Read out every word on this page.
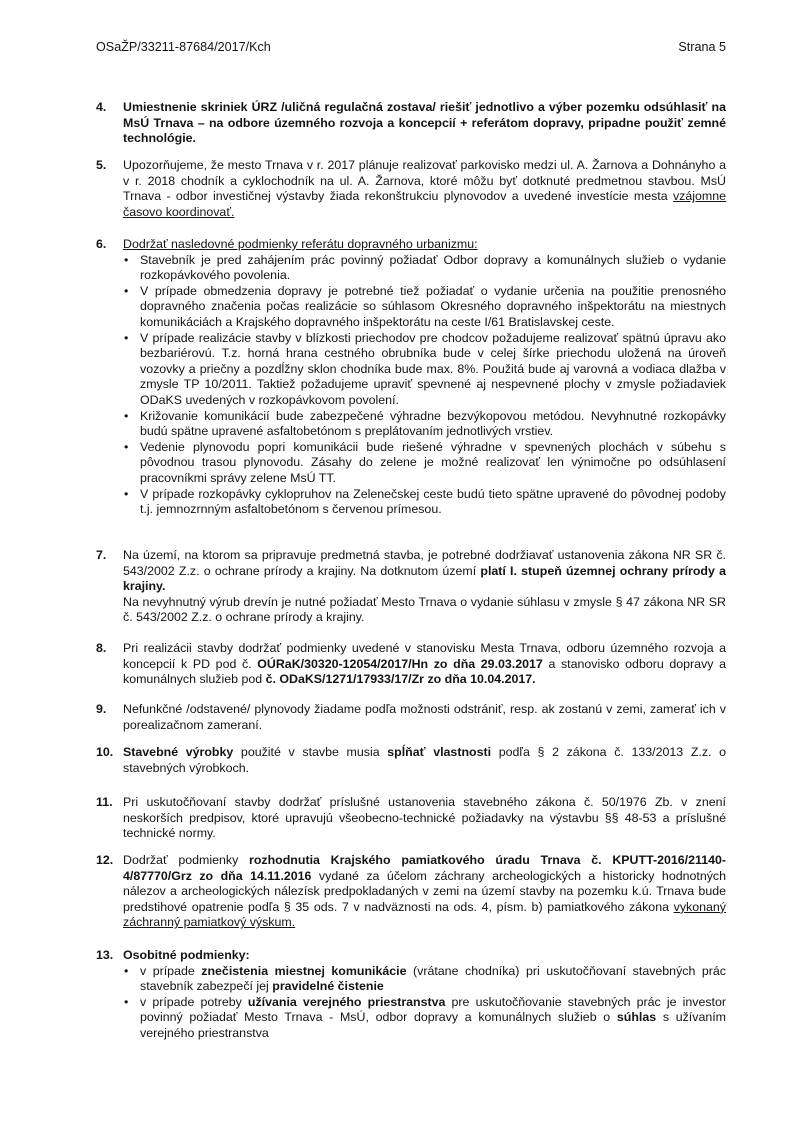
OSaŽP/33211-87684/2017/Kch	Strana 5
4. Umiestnenie skriniek ÚRZ /uličná regulačná zostava/ riešiť jednotlivo a výber pozemku odsúhlasiť na MsÚ Trnava – na odbore územného rozvoja a koncepcií + referátom dopravy, pripadne použiť zemné technológie.
5. Upozorňujeme, že mesto Trnava v r. 2017 plánuje realizovať parkovisko medzi ul. A. Žarnova a Dohnányho a v r. 2018 chodník a cyklochodník na ul. A. Žarnova, ktoré môžu byť dotknuté predmetnou stavbou. MsÚ Trnava - odbor investičnej výstavby žiada rekonštrukciu plynovodov a uvedené investície mesta vzájomne časovo koordinovať.
6. Dodržať nasledovné podmienky referátu dopravného urbanizmu:
• Stavebník je pred zahájením prác povinný požiadať Odbor dopravy a komunálnych služieb o vydanie rozkopávkového povolenia.
• V prípade obmedzenia dopravy je potrebné tiež požiadať o vydanie určenia na použitie prenosného dopravného značenia počas realizácie so súhlasom Okresného dopravného inšpektorátu na miestnych komunikáciách a Krajského dopravného inšpektorátu na ceste I/61 Bratislavskej ceste.
• V prípade realizácie stavby v blízkosti priechodov pre chodcov požadujeme realizovať spätnú úpravu ako bezbariérovú. T.z. horná hrana cestného obrubníka bude v celej šírke priechodu uložená na úroveň vozovky a priečny a pozdĺžny sklon chodníka bude max. 8%. Použitá bude aj varovná a vodiaca dlažba v zmysle TP 10/2011. Taktiež požadujeme upraviť spevnené aj nespevnené plochy v zmysle požiadaviek ODaKS uvedených v rozkopávkovom povolení.
• Križovanie komunikácií bude zabezpečené výhradne bezvýkopovou metódou. Nevyhnutné rozkopávky budú spätne upravené asfaltobetónom s preplátovaním jednotlivých vrstiev.
• Vedenie plynovodu popri komunikácii bude riešené výhradne v spevnených plochách v súbehu s pôvodnou trasou plynovodu. Zásahy do zelene je možné realizovať len výnimočne po odsúhlasení pracovníkmi správy zelene MsÚ TT.
• V prípade rozkopávky cyklopruhov na Zelenečskej ceste budú tieto spätne upravené do pôvodnej podoby t.j. jemnozrnným asfaltobetónom s červenou prímesou.
7. Na území, na ktorom sa pripravuje predmetná stavba, je potrebné dodržiavať ustanovenia zákona NR SR č. 543/2002 Z.z. o ochrane prírody a krajiny. Na dotknutom území platí I. stupeň územnej ochrany prírody a krajiny.
Na nevyhnutný výrub drevín je nutné požiadať Mesto Trnava o vydanie súhlasu v zmysle § 47 zákona NR SR č. 543/2002 Z.z. o ochrane prírody a krajiny.
8. Pri realizácii stavby dodržať podmienky uvedené v stanovisku Mesta Trnava, odboru územného rozvoja a koncepcií k PD pod č. OÚRaK/30320-12054/2017/Hn zo dňa 29.03.2017 a stanovisko odboru dopravy a komunálnych služieb pod č. ODaKS/1271/17933/17/Zr zo dňa 10.04.2017.
9. Nefunkčné /odstavené/ plynovody žiadame podľa možnosti odstrániť, resp. ak zostanú v zemi, zamerať ich v porealizačnom zameraní.
10. Stavebné výrobky použité v stavbe musia spĺňať vlastnosti podľa § 2 zákona č. 133/2013 Z.z. o stavebných výrobkoch.
11. Pri uskutočňovaní stavby dodržať príslušné ustanovenia stavebného zákona č. 50/1976 Zb. v znení neskorších predpisov, ktoré upravujú všeobecno-technické požiadavky na výstavbu §§ 48-53 a príslušné technické normy.
12. Dodržať podmienky rozhodnutia Krajského pamiatkového úradu Trnava č. KPUTT-2016/21140-4/87770/Grz zo dňa 14.11.2016 vydané za účelom záchrany archeologických a historicky hodnotných nálezov a archeologických nálezísk predpokladaných v zemi na území stavby na pozemku k.ú. Trnava bude predstihové opatrenie podľa § 35 ods. 7 v nadväznosti na ods. 4, písm. b) pamiatkového zákona vykonaný záchranný pamiatkový výskum.
13. Osobitné podmienky:
• v prípade znečistenia miestnej komunikácie (vrátane chodníka) pri uskutočňovaní stavebných prác stavebník zabezpečí jej pravidelné čistenie
• v prípade potreby užívania verejného priestranstva pre uskutočňovanie stavebných prác je investor povinný požiadať Mesto Trnava - MsÚ, odbor dopravy a komunálnych služieb o súhlas s užívaním verejného priestranstva
